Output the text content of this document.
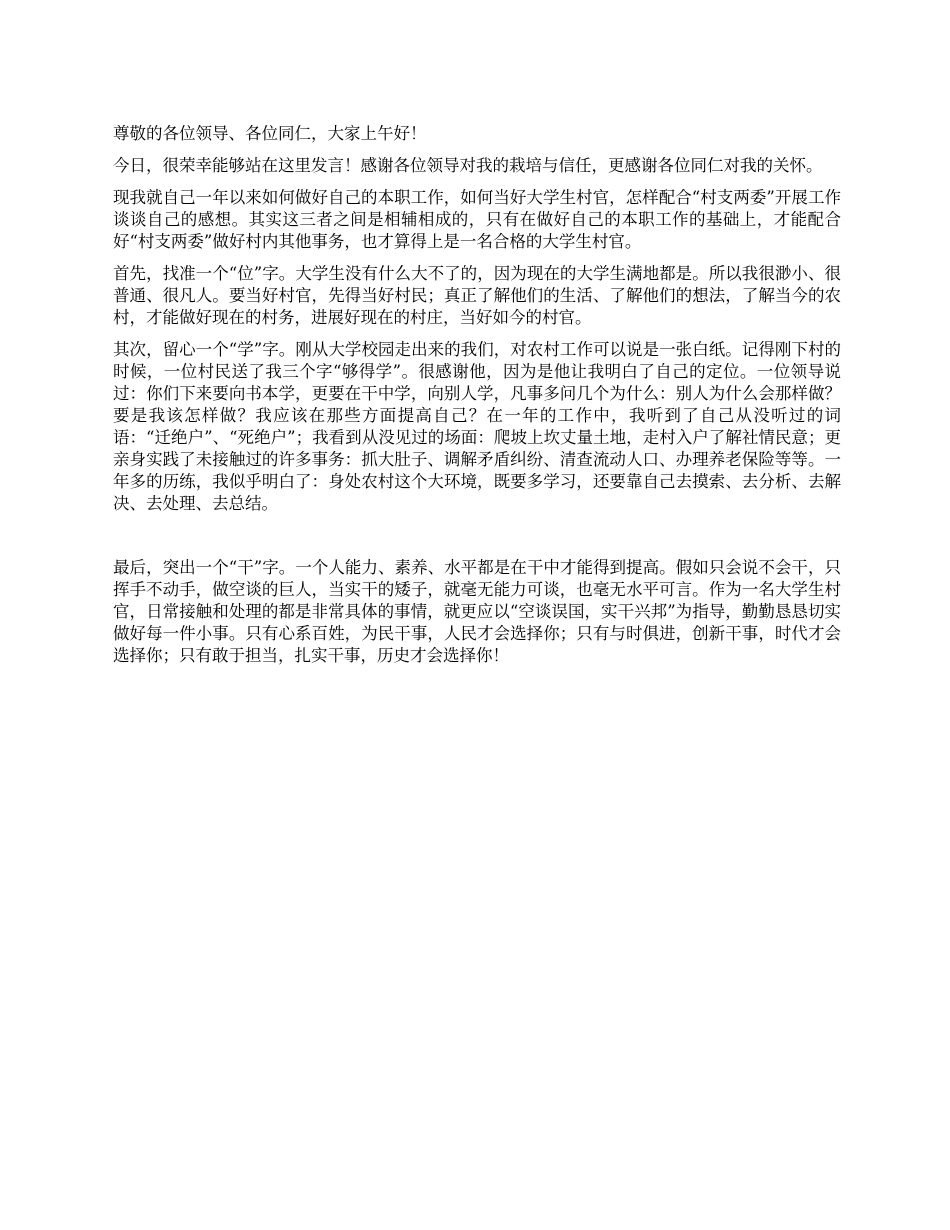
尊敬的各位领导、各位同仁，大家上午好！

今日，很荣幸能够站在这里发言！感谢各位领导对我的栽培与信任，更感谢各位同仁对我的关怀。

现我就自己一年以来如何做好自己的本职工作，如何当好大学生村官，怎样配合“村支两委”开展工作谈谈自己的感想。其实这三者之间是相辅相成的，只有在做好自己的本职工作的基础上，才能配合好“村支两委”做好村内其他事务，也才算得上是一名合格的大学生村官。

首先，找准一个“位”字。大学生没有什么大不了的，因为现在的大学生满地都是。所以我很渺小、很普通、很凡人。要当好村官，先得当好村民；真正了解他们的生活、了解他们的想法，了解当今的农村，才能做好现在的村务，进展好现在的村庄，当好如今的村官。

其次，留心一个“学”字。刚从大学校园走出来的我们，对农村工作可以说是一张白纸。记得刚下村的时候，一位村民送了我三个字“够得学”。很感谢他，因为是他让我明白了自己的定位。一位领导说过：你们下来要向书本学，更要在干中学，向别人学，凡事多问几个为什么：别人为什么会那样做？要是我该怎样做？我应该在那些方面提高自己？在一年的工作中，我听到了自己从没听过的词语：“迁绝户”、“死绝户”；我看到从没见过的场面：爬坡上坎丈量土地，走村入户了解社情民意；更亲身实践了未接触过的许多事务：抓大肚子、调解矛盾纠纷、清查流动人口、办理养老保险等等。一年多的历练，我似乎明白了：身处农村这个大环境，既要多学习，还要靠自己去摸索、去分析、去解决、去处理、去总结。

最后，突出一个“干”字。一个人能力、素养、水平都是在干中才能得到提高。假如只会说不会干，只挥手不动手，做空谈的巨人，当实干的矮子，就毫无能力可谈，也毫无水平可言。作为一名大学生村官，日常接触和处理的都是非常具体的事情，就更应以“空谈误国，实干兴邦”为指导，勤勤恳恳切实做好每一件小事。只有心系百姓，为民干事，人民才会选择你；只有与时俱进，创新干事，时代才会选择你；只有敢于担当，扎实干事，历史才会选择你！
